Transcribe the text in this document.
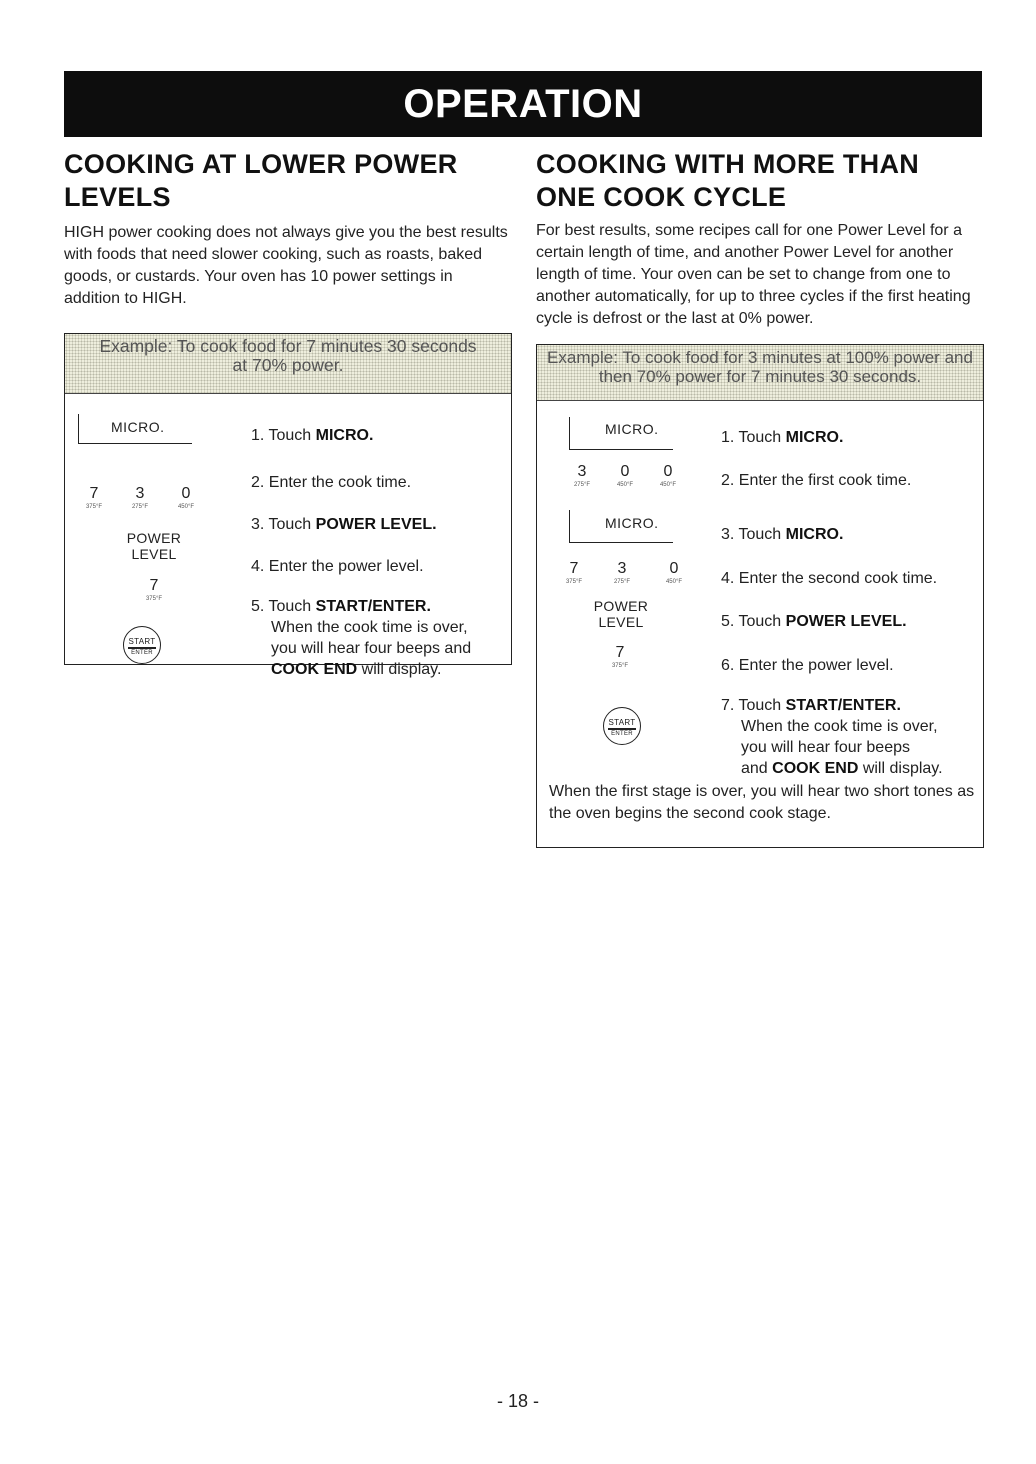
OPERATION
COOKING AT LOWER POWER
LEVELS

HIGH power cooking does not always give you the best results with foods that need slower cooking, such as roasts, baked goods, or custards. Your oven has 10 power settings in addition to HIGH.

Example: To cook food for 7 minutes 30 seconds
at 70% power.
MICRO.
7
375°F
3
275°F
0
450°F
POWER
LEVEL
7
375°F
START
ENTER
1. Touch MICRO.
2. Enter the cook time.
3. Touch POWER LEVEL.
4. Enter the power level.
5. Touch START/ENTER.
When the cook time is over,
you will hear four beeps and
COOK END will display.
COOKING WITH MORE THAN
ONE COOK CYCLE

For best results, some recipes call for one Power Level for a certain length of time, and another Power Level for another length of time. Your oven can be set to change from one to another automatically, for up to three cycles if the first heating cycle is defrost or the last at 0% power.

Example: To cook food for 3 minutes at 100% power and
then 70% power for 7 minutes 30 seconds.
MICRO.
3
275°F
0
450°F
0
450°F
MICRO.
7
375°F
3
275°F
0
450°F
POWER
LEVEL
7
375°F
START
ENTER
1. Touch MICRO.
2. Enter the first cook time.
3. Touch MICRO.
4. Enter the second cook time.
5. Touch POWER LEVEL.
6. Enter the power level.
7. Touch START/ENTER.
When the cook time is over,
you will hear four beeps
and COOK END will display.

When the first stage is over, you will hear two short tones as the oven begins the second cook stage.

- 18 -
